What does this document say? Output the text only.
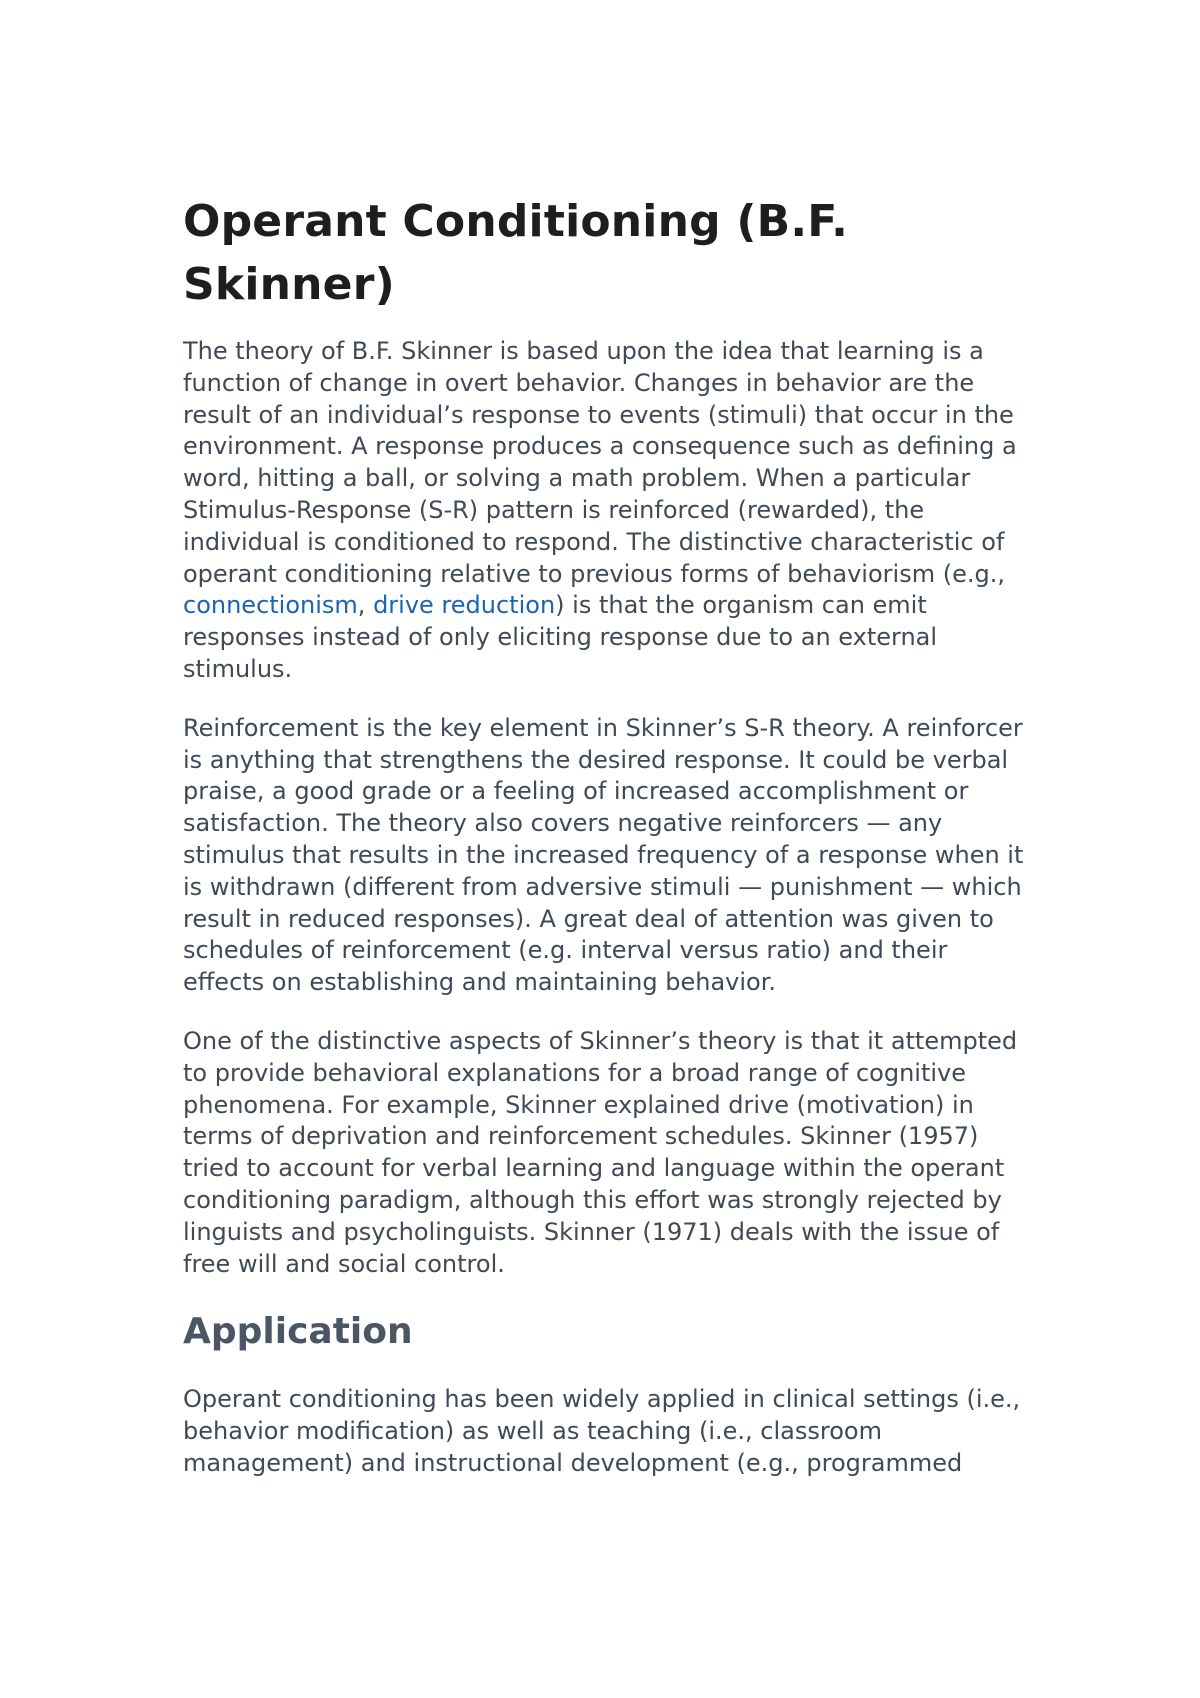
Operant Conditioning (B.F. Skinner)

The theory of B.F. Skinner is based upon the idea that learning is a function of change in overt behavior. Changes in behavior are the result of an individual’s response to events (stimuli) that occur in the environment. A response produces a consequence such as defining a word, hitting a ball, or solving a math problem. When a particular Stimulus-Response (S-R) pattern is reinforced (rewarded), the individual is conditioned to respond. The distinctive characteristic of operant conditioning relative to previous forms of behaviorism (e.g., connectionism, drive reduction) is that the organism can emit responses instead of only eliciting response due to an external stimulus.

Reinforcement is the key element in Skinner’s S-R theory. A reinforcer is anything that strengthens the desired response. It could be verbal praise, a good grade or a feeling of increased accomplishment or satisfaction. The theory also covers negative reinforcers — any stimulus that results in the increased frequency of a response when it is withdrawn (different from adversive stimuli — punishment — which result in reduced responses). A great deal of attention was given to schedules of reinforcement (e.g. interval versus ratio) and their effects on establishing and maintaining behavior.

One of the distinctive aspects of Skinner’s theory is that it attempted to provide behavioral explanations for a broad range of cognitive phenomena. For example, Skinner explained drive (motivation) in terms of deprivation and reinforcement schedules. Skinner (1957) tried to account for verbal learning and language within the operant conditioning paradigm, although this effort was strongly rejected by linguists and psycholinguists. Skinner (1971) deals with the issue of free will and social control.

Application

Operant conditioning has been widely applied in clinical settings (i.e., behavior modification) as well as teaching (i.e., classroom management) and instructional development (e.g., programmed
